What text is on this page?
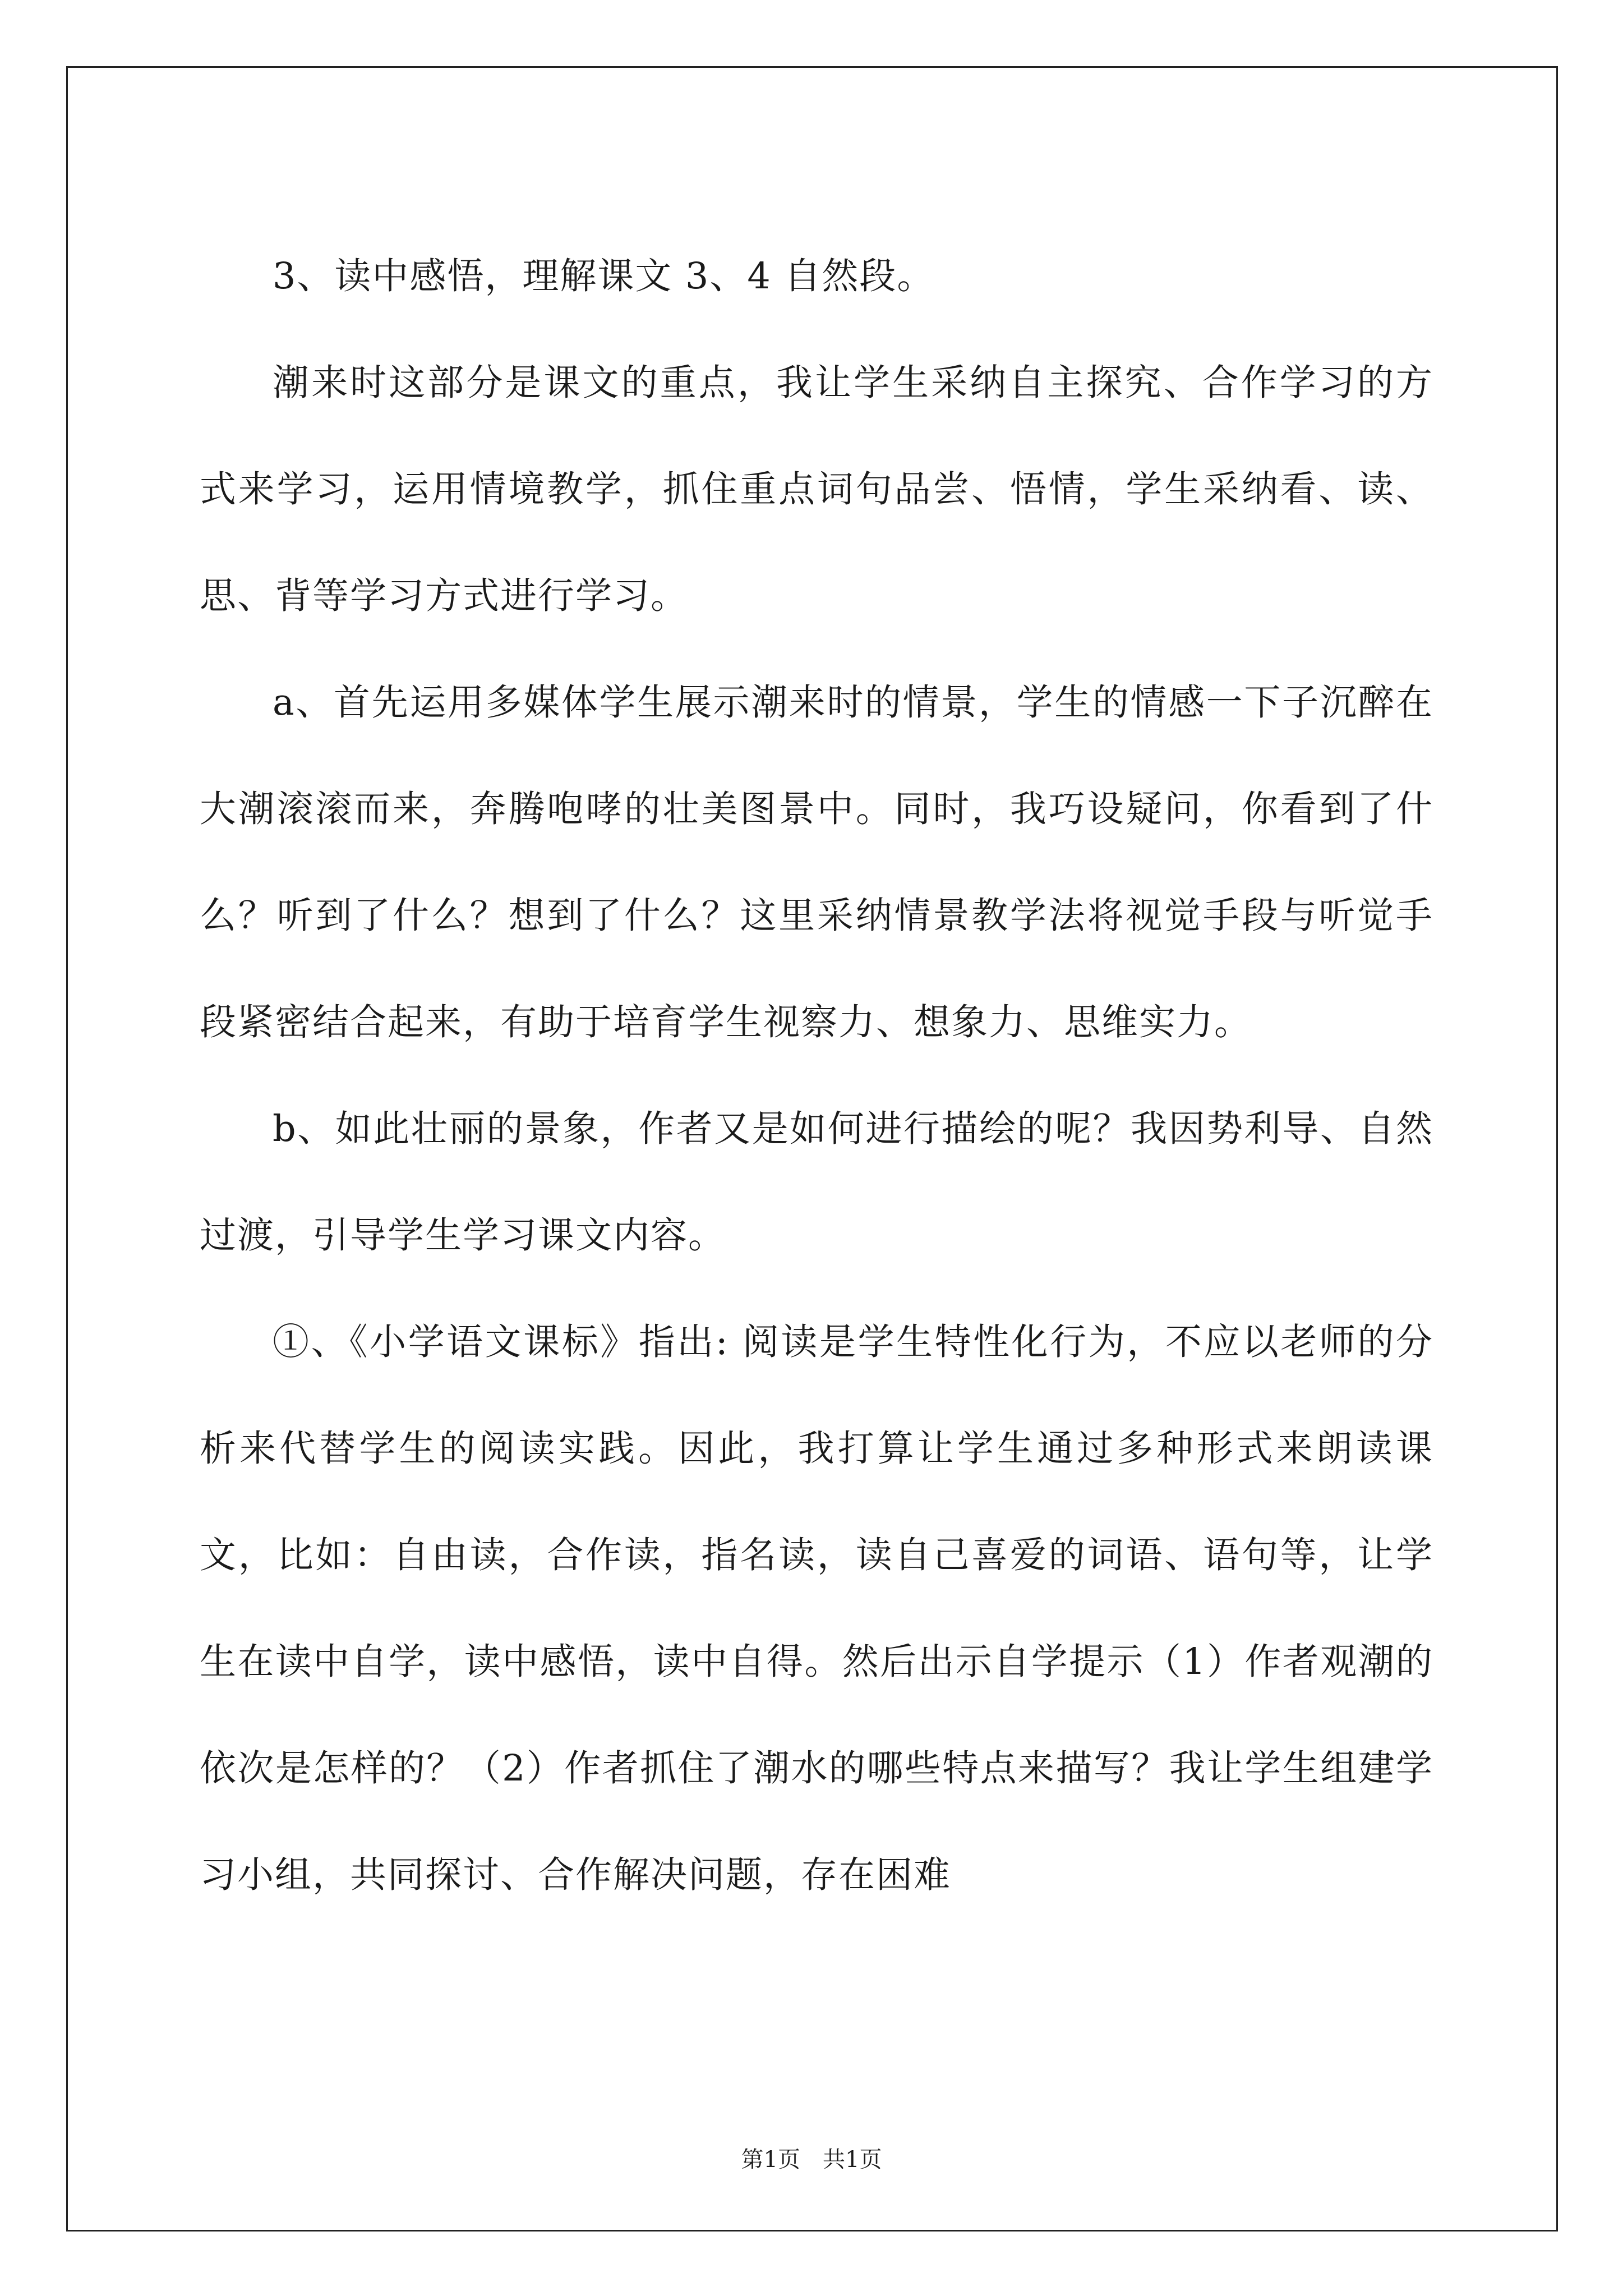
3、读中感悟，理解课文 3、4 自然段。

潮来时这部分是课文的重点，我让学生采纳自主探究、合作学习的方式来学习，运用情境教学，抓住重点词句品尝、悟情，学生采纳看、读、思、背等学习方式进行学习。

a、首先运用多媒体学生展示潮来时的情景，学生的情感一下子沉醉在大潮滚滚而来，奔腾咆哮的壮美图景中。同时，我巧设疑问，你看到了什么？听到了什么？想到了什么？这里采纳情景教学法将视觉手段与听觉手段紧密结合起来，有助于培育学生视察力、想象力、思维实力。

b、如此壮丽的景象，作者又是如何进行描绘的呢？我因势利导、自然过渡，引导学生学习课文内容。

①、《小学语文课标》指出: 阅读是学生特性化行为，不应以老师的分析来代替学生的阅读实践。因此，我打算让学生通过多种形式来朗读课文，比如：自由读，合作读，指名读，读自己喜爱的词语、语句等，让学生在读中自学，读中感悟，读中自得。然后出示自学提示（1）作者观潮的依次是怎样的？（2）作者抓住了潮水的哪些特点来描写？我让学生组建学习小组，共同探讨、合作解决问题，存在困难

第1页 共1页
